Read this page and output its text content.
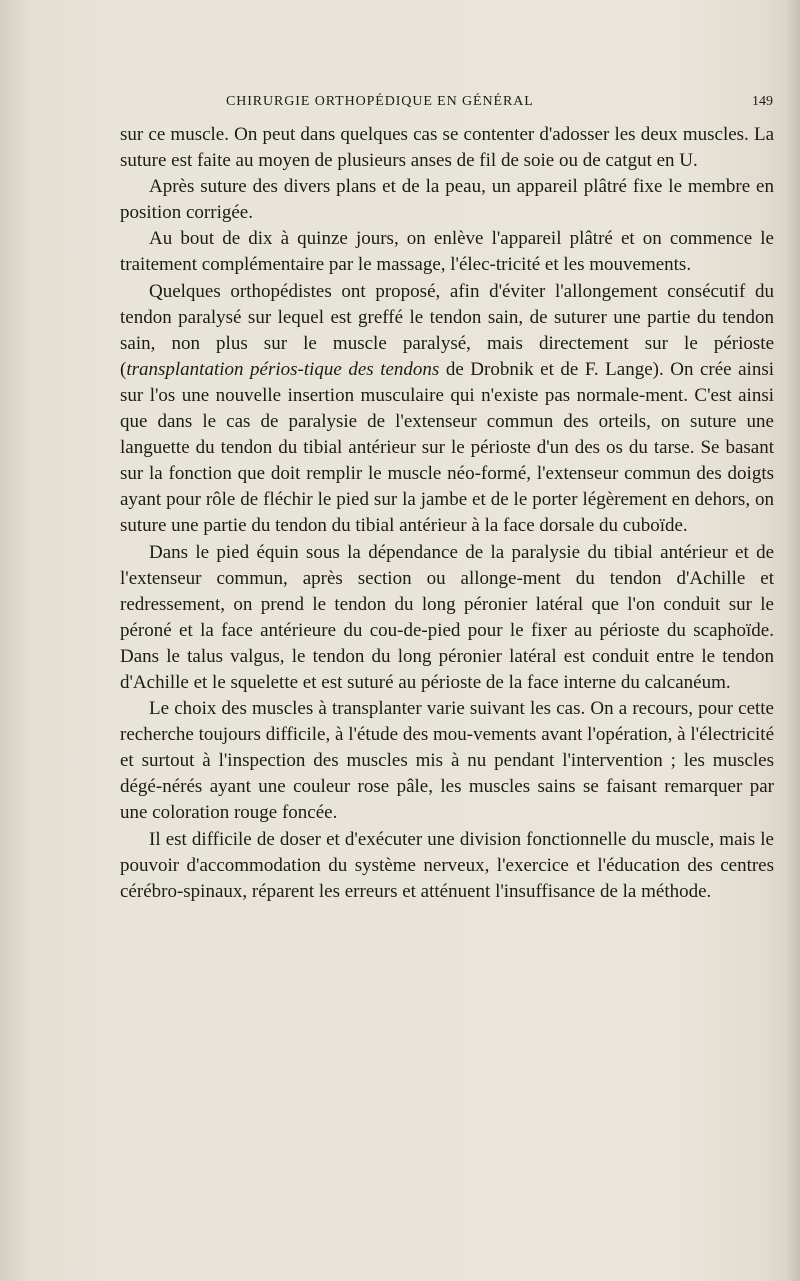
CHIRURGIE ORTHOPÉDIQUE EN GÉNÉRAL	149

sur ce muscle. On peut dans quelques cas se contenter d'adosser les deux muscles. La suture est faite au moyen de plusieurs anses de fil de soie ou de catgut en U.

Après suture des divers plans et de la peau, un appareil plâtré fixe le membre en position corrigée.

Au bout de dix à quinze jours, on enlève l'appareil plâtré et on commence le traitement complémentaire par le massage, l'élec-tricité et les mouvements.

Quelques orthopédistes ont proposé, afin d'éviter l'allongement consécutif du tendon paralysé sur lequel est greffé le tendon sain, de suturer une partie du tendon sain, non plus sur le muscle paralysé, mais directement sur le périoste (transplantation périos-tique des tendons de Drobnik et de F. Lange). On crée ainsi sur l'os une nouvelle insertion musculaire qui n'existe pas normale-ment. C'est ainsi que dans le cas de paralysie de l'extenseur commun des orteils, on suture une languette du tendon du tibial antérieur sur le périoste d'un des os du tarse. Se basant sur la fonction que doit remplir le muscle néo-formé, l'extenseur commun des doigts ayant pour rôle de fléchir le pied sur la jambe et de le porter légèrement en dehors, on suture une partie du tendon du tibial antérieur à la face dorsale du cuboïde.

Dans le pied équin sous la dépendance de la paralysie du tibial antérieur et de l'extenseur commun, après section ou allonge-ment du tendon d'Achille et redressement, on prend le tendon du long péronier latéral que l'on conduit sur le péroné et la face antérieure du cou-de-pied pour le fixer au périoste du scaphoïde. Dans le talus valgus, le tendon du long péronier latéral est conduit entre le tendon d'Achille et le squelette et est suturé au périoste de la face interne du calcanéum.

Le choix des muscles à transplanter varie suivant les cas. On a recours, pour cette recherche toujours difficile, à l'étude des mou-vements avant l'opération, à l'électricité et surtout à l'inspection des muscles mis à nu pendant l'intervention ; les muscles dégé-nérés ayant une couleur rose pâle, les muscles sains se faisant remarquer par une coloration rouge foncée.

Il est difficile de doser et d'exécuter une division fonctionnelle du muscle, mais le pouvoir d'accommodation du système nerveux, l'exercice et l'éducation des centres cérébro-spinaux, réparent les erreurs et atténuent l'insuffisance de la méthode.
